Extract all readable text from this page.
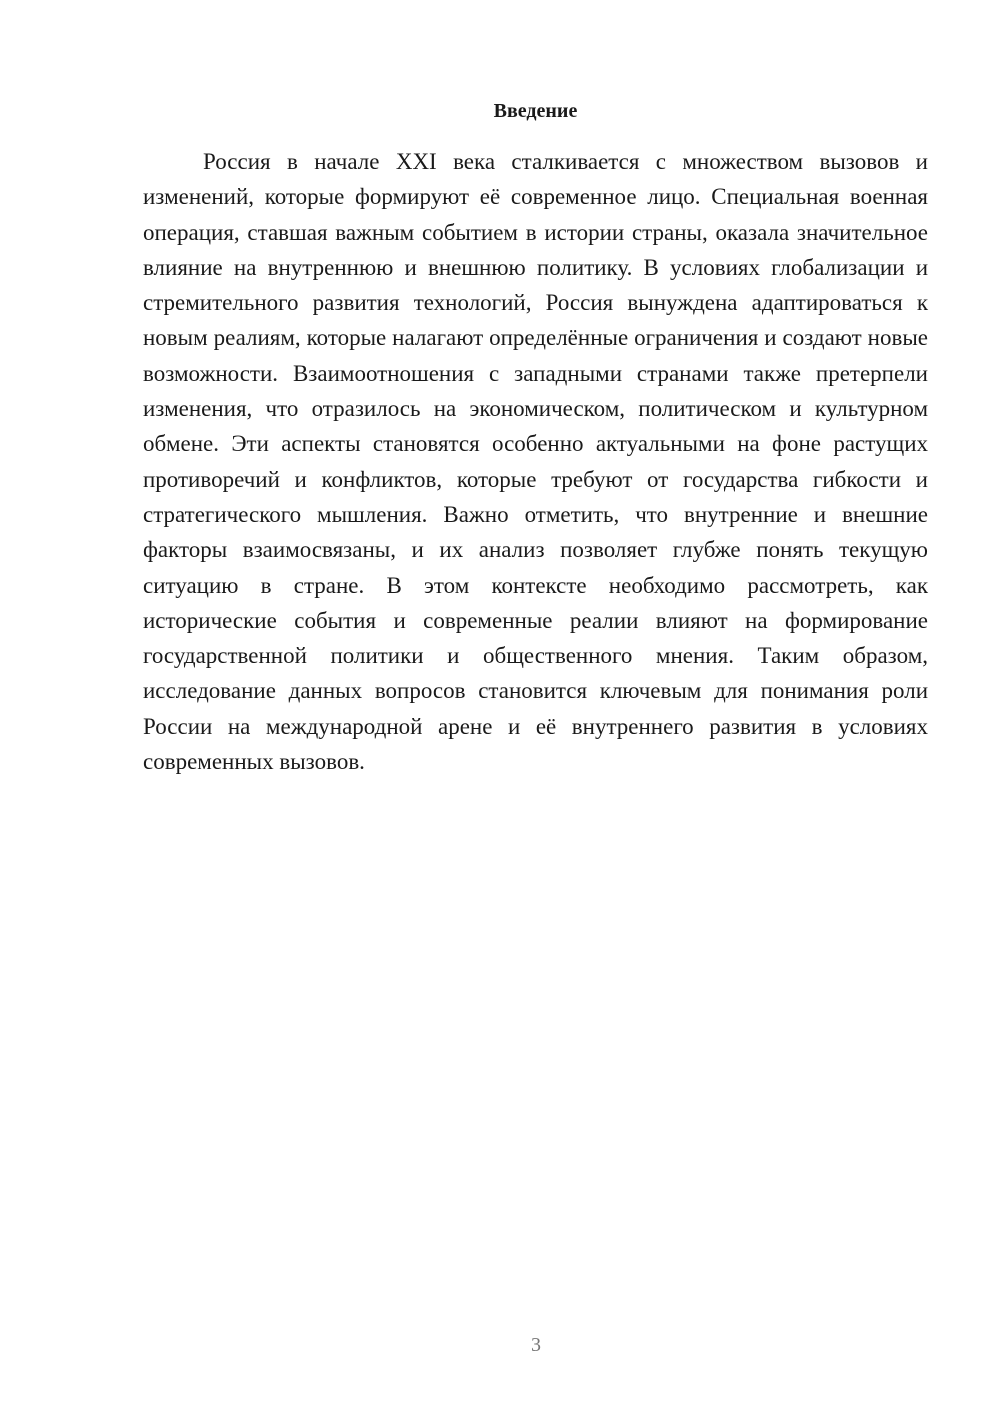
Введение

Россия в начале XXI века сталкивается с множеством вызовов и изменений, которые формируют её современное лицо. Специальная военная операция, ставшая важным событием в истории страны, оказала значительное влияние на внутреннюю и внешнюю политику. В условиях глобализации и стремительного развития технологий, Россия вынуждена адаптироваться к новым реалиям, которые налагают определённые ограничения и создают новые возможности. Взаимоотношения с западными странами также претерпели изменения, что отразилось на экономическом, политическом и культурном обмене. Эти аспекты становятся особенно актуальными на фоне растущих противоречий и конфликтов, которые требуют от государства гибкости и стратегического мышления. Важно отметить, что внутренние и внешние факторы взаимосвязаны, и их анализ позволяет глубже понять текущую ситуацию в стране. В этом контексте необходимо рассмотреть, как исторические события и современные реалии влияют на формирование государственной политики и общественного мнения. Таким образом, исследование данных вопросов становится ключевым для понимания роли России на международной арене и её внутреннего развития в условиях современных вызовов.

3
